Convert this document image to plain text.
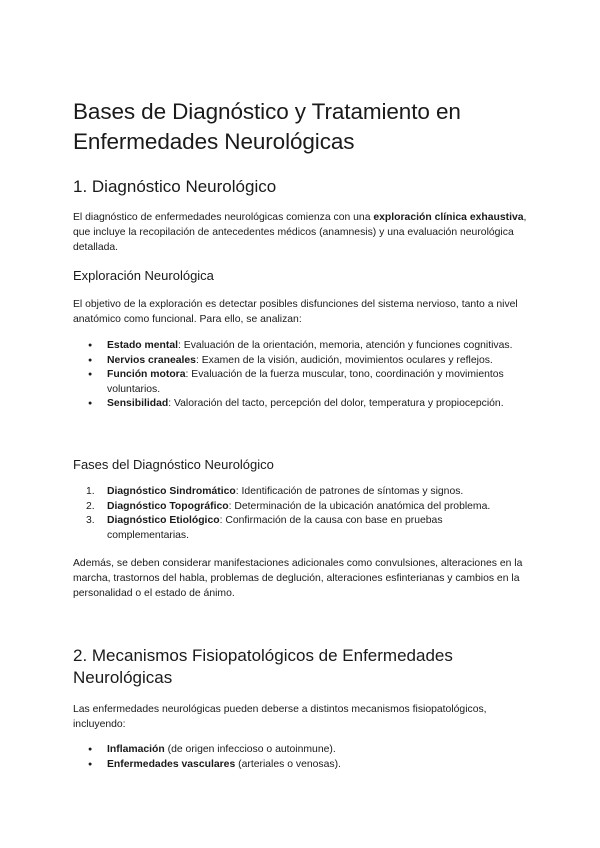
Bases de Diagnóstico y Tratamiento en Enfermedades Neurológicas
1. Diagnóstico Neurológico

El diagnóstico de enfermedades neurológicas comienza con una exploración clínica exhaustiva, que incluye la recopilación de antecedentes médicos (anamnesis) y una evaluación neurológica detallada.

Exploración Neurológica

El objetivo de la exploración es detectar posibles disfunciones del sistema nervioso, tanto a nivel anatómico como funcional. Para ello, se analizan:

● Estado mental: Evaluación de la orientación, memoria, atención y funciones cognitivas.
● Nervios craneales: Examen de la visión, audición, movimientos oculares y reflejos.
● Función motora: Evaluación de la fuerza muscular, tono, coordinación y movimientos voluntarios.
● Sensibilidad: Valoración del tacto, percepción del dolor, temperatura y propiocepción.
Fases del Diagnóstico Neurológico
1. Diagnóstico Sindromático: Identificación de patrones de síntomas y signos.
2. Diagnóstico Topográfico: Determinación de la ubicación anatómica del problema.
3. Diagnóstico Etiológico: Confirmación de la causa con base en pruebas complementarias.

Además, se deben considerar manifestaciones adicionales como convulsiones, alteraciones en la marcha, trastornos del habla, problemas de deglución, alteraciones esfinterianas y cambios en la personalidad o el estado de ánimo.

2. Mecanismos Fisiopatológicos de Enfermedades Neurológicas

Las enfermedades neurológicas pueden deberse a distintos mecanismos fisiopatológicos, incluyendo:

● Inflamación (de origen infeccioso o autoinmune).
● Enfermedades vasculares (arteriales o venosas).
